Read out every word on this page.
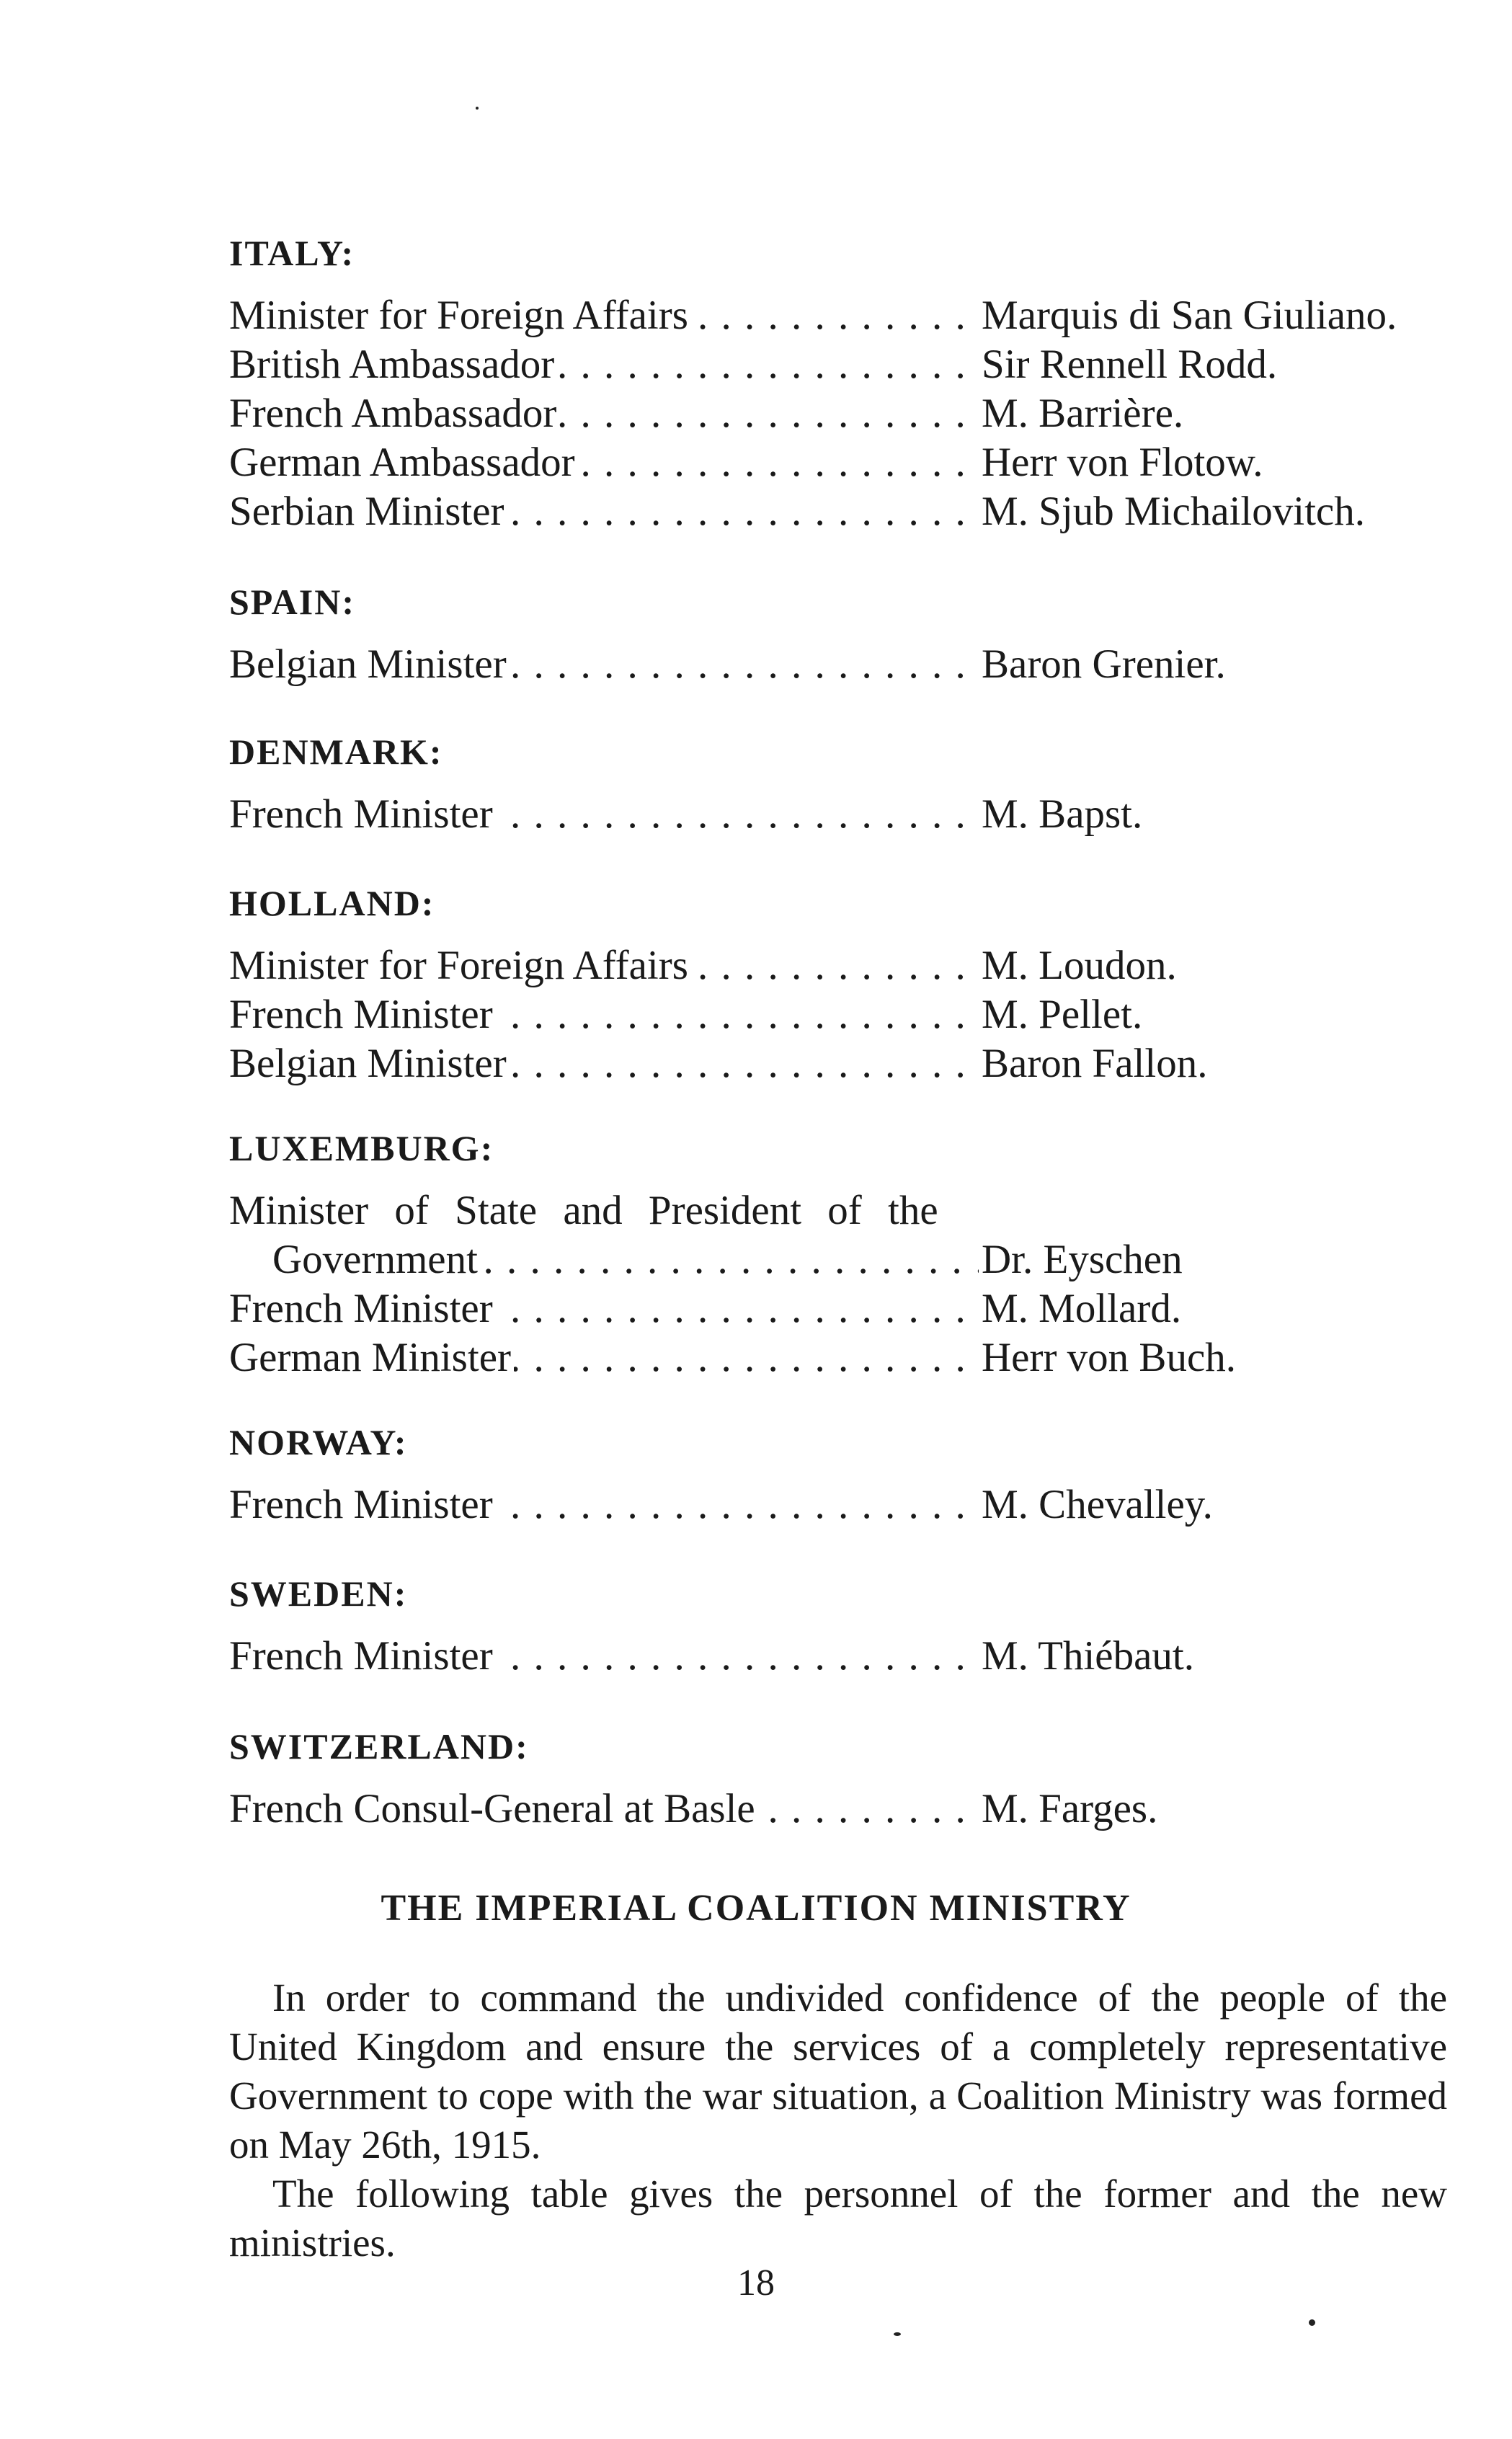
ITALY:
Minister for Foreign Affairs . . .	Marquis di San Giuliano.
British Ambassador . . .	Sir Rennell Rodd.
French Ambassador . . .	M. Barrière.
German Ambassador . . .	Herr von Flotow.
Serbian Minister . . .	M. Sjub Michailovitch.
SPAIN:
Belgian Minister . . .	Baron Grenier.
DENMARK:
French Minister . . .	M. Bapst.
HOLLAND:
Minister for Foreign Affairs . . .	M. Loudon.
French Minister . . .	M. Pellet.
Belgian Minister . . .	Baron Fallon.
LUXEMBURG:
Minister of State and President of the
Government . . .	Dr. Eyschen
French Minister . . .	M. Mollard.
German Minister . . .	Herr von Buch.
NORWAY:
French Minister . . .	M. Chevalley.
SWEDEN:
French Minister . . .	M. Thiébaut.
SWITZERLAND:
French Consul-General at Basle . . .	M. Farges.
THE IMPERIAL COALITION MINISTRY

In order to command the undivided confidence of the people of the United Kingdom and ensure the services of a completely representative Government to cope with the war situation, a Coalition Ministry was formed on May 26th, 1915.

The following table gives the personnel of the former and the new ministries.

18
